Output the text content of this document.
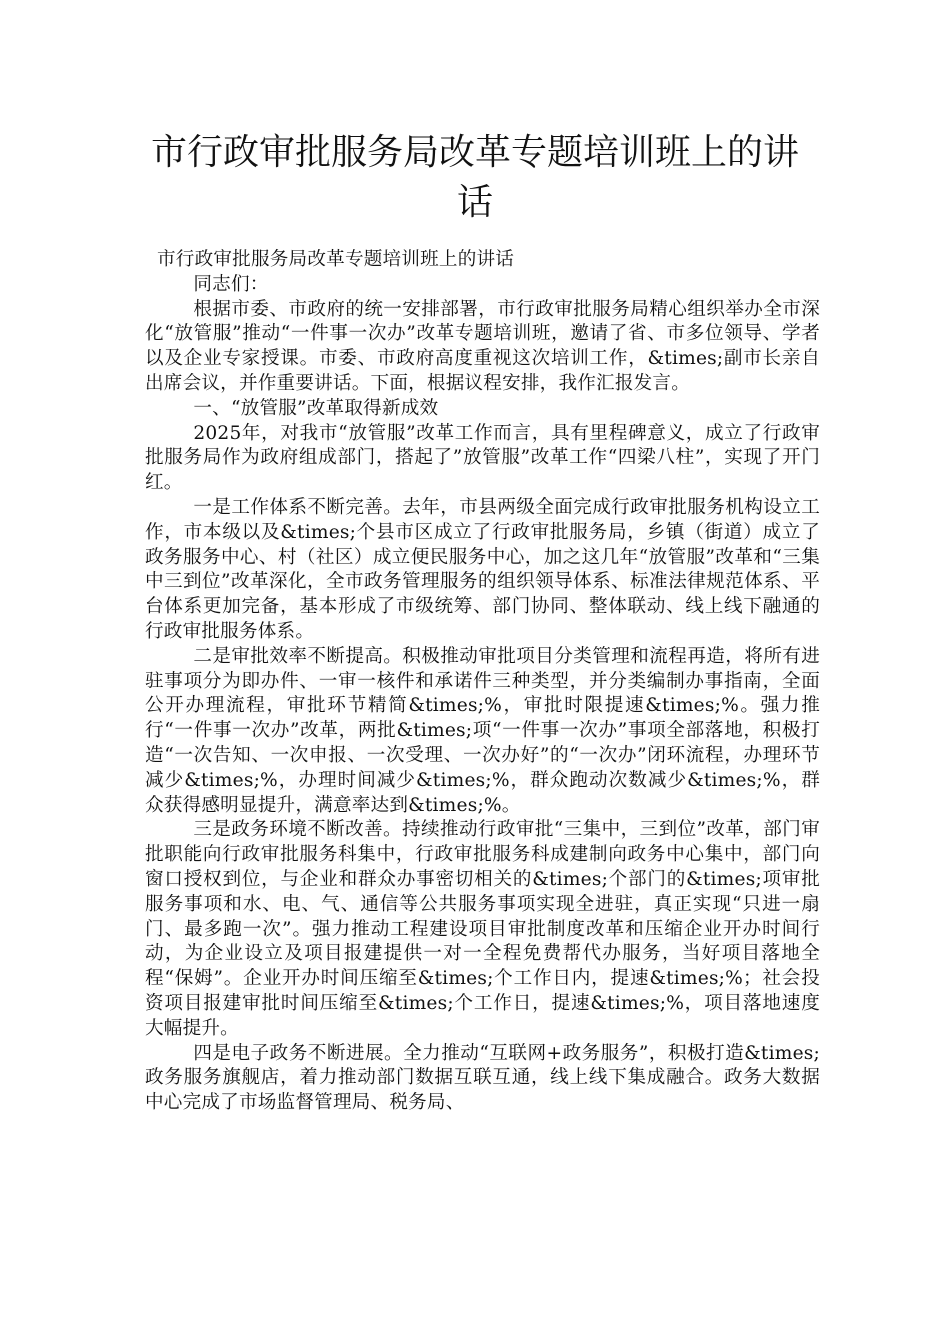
市行政审批服务局改革专题培训班上的讲话

市行政审批服务局改革专题培训班上的讲话

同志们：

根据市委、市政府的统一安排部署，市行政审批服务局精心组织举办全市深化“放管服”推动“一件事一次办”改革专题培训班，邀请了省、市多位领导、学者以及企业专家授课。市委、市政府高度重视这次培训工作，&times;副市长亲自出席会议，并作重要讲话。下面，根据议程安排，我作汇报发言。

一、“放管服”改革取得新成效

2025年，对我市“放管服”改革工作而言，具有里程碑意义，成立了行政审批服务局作为政府组成部门，搭起了”放管服”改革工作“四梁八柱”，实现了开门红。

一是工作体系不断完善。去年，市县两级全面完成行政审批服务机构设立工作，市本级以及&times;个县市区成立了行政审批服务局，乡镇（街道）成立了政务服务中心、村（社区）成立便民服务中心，加之这几年“放管服”改革和“三集中三到位”改革深化，全市政务管理服务的组织领导体系、标准法律规范体系、平台体系更加完备，基本形成了市级统筹、部门协同、整体联动、线上线下融通的行政审批服务体系。

二是审批效率不断提高。积极推动审批项目分类管理和流程再造，将所有进驻事项分为即办件、一审一核件和承诺件三种类型，并分类编制办事指南，全面公开办理流程，审批环节精简&times;%，审批时限提速&times;%。强力推行“一件事一次办”改革，两批&times;项“一件事一次办”事项全部落地，积极打造“一次告知、一次申报、一次受理、一次办好”的“一次办”闭环流程，办理环节减少&times;%，办理时间减少&times;%，群众跑动次数减少&times;%，群众获得感明显提升，满意率达到&times;%。

三是政务环境不断改善。持续推动行政审批“三集中，三到位”改革，部门审批职能向行政审批服务科集中，行政审批服务科成建制向政务中心集中，部门向窗口授权到位，与企业和群众办事密切相关的&times;个部门的&times;项审批服务事项和水、电、气、通信等公共服务事项实现全进驻，真正实现“只进一扇门、最多跑一次”。强力推动工程建设项目审批制度改革和压缩企业开办时间行动，为企业设立及项目报建提供一对一全程免费帮代办服务，当好项目落地全程“保姆”。企业开办时间压缩至&times;个工作日内，提速&times;%；社会投资项目报建审批时间压缩至&times;个工作日，提速&times;%，项目落地速度大幅提升。

四是电子政务不断进展。全力推动“互联网+政务服务”，积极打造&times;政务服务旗舰店，着力推动部门数据互联互通，线上线下集成融合。政务大数据中心完成了市场监督管理局、税务局、
